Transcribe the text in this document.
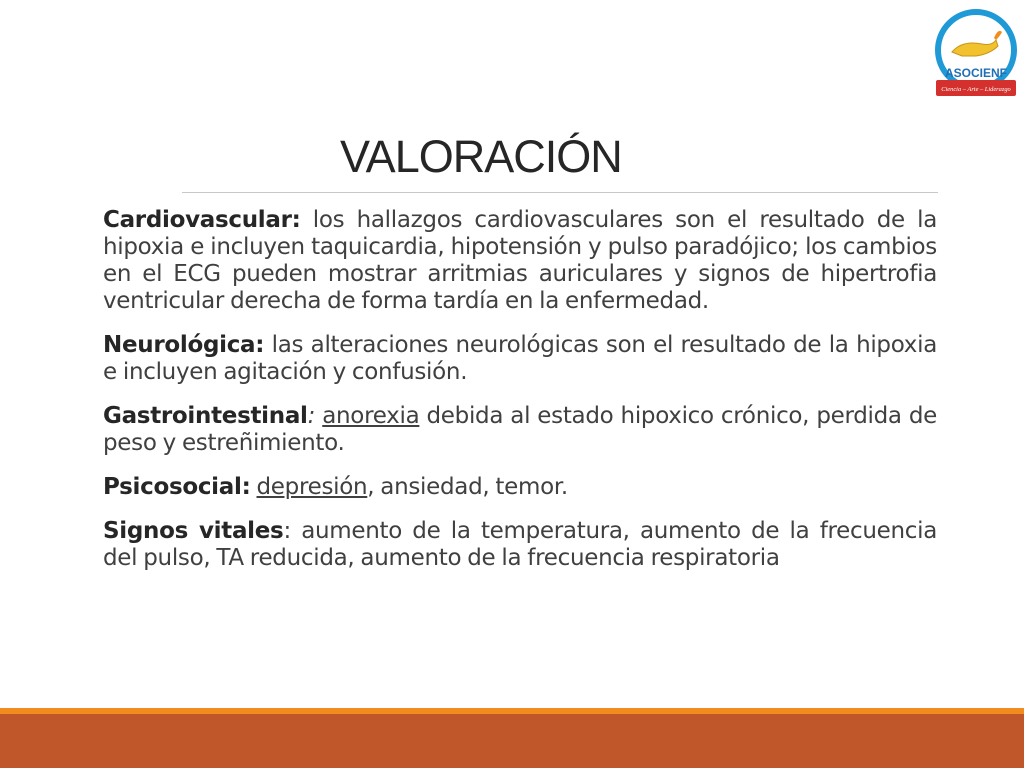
ASOCIENF
Ciencia – Arte – Liderazgo
VALORACIÓN

Cardiovascular: los hallazgos cardiovasculares son el resultado de la hipoxia e incluyen taquicardia, hipotensión y pulso paradójico; los cambios en el ECG pueden mostrar arritmias auriculares y signos de hipertrofia ventricular derecha de forma tardía en la enfermedad.

Neurológica: las alteraciones neurológicas son el resultado de la hipoxia e incluyen agitación y confusión.

Gastrointestinal: anorexia debida al estado hipoxico crónico, perdida de peso y estreñimiento.

Psicosocial: depresión, ansiedad, temor.

Signos vitales: aumento de la temperatura, aumento de la frecuencia del pulso, TA reducida, aumento de la frecuencia respiratoria
